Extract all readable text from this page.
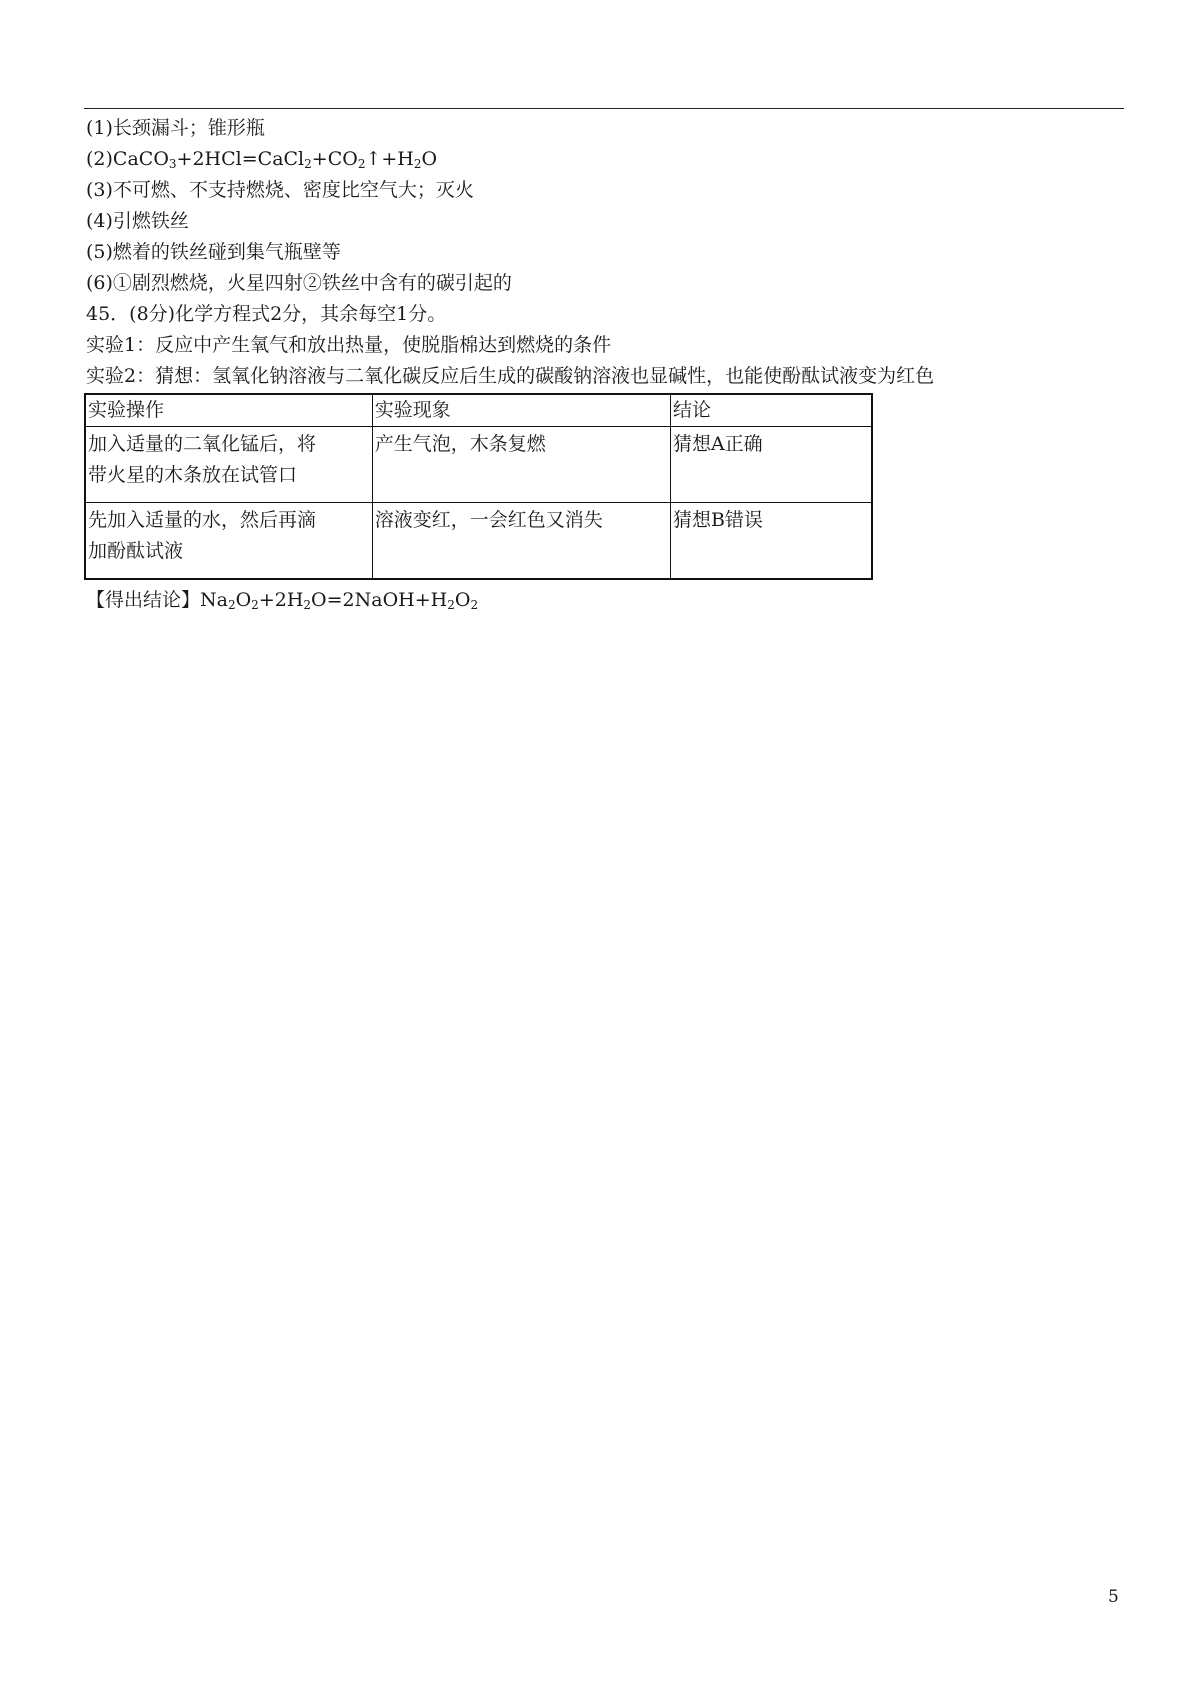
(1)长颈漏斗；锥形瓶
$(2)CaCO_3+2HCl=CaCl_2+CO_2↑+H_2O$
(3)不可燃、不支持燃烧、密度比空气大；灭火
(4)引燃铁丝
(5)燃着的铁丝碰到集气瓶壁等
(6)①剧烈燃烧，火星四射②铁丝中含有的碳引起的
45．(8分)化学方程式2分，其余每空1分。
实验1：反应中产生氧气和放出热量，使脱脂棉达到燃烧的条件
实验2：猜想：氢氧化钠溶液与二氧化碳反应后生成的碳酸钠溶液也显碱性，也能使酚酞试液变为红色
实验操作	实验现象	结论

加入适量的二氧化锰后，将
带火星的木条放在试管口	产生气泡，木条复燃	猜想A正确

先加入适量的水，然后再滴
加酚酞试液	溶液变红，一会红色又消失	猜想B错误
【得出结论】$Na_2O_2+2H_2O=2NaOH+H_2O_2$
5
